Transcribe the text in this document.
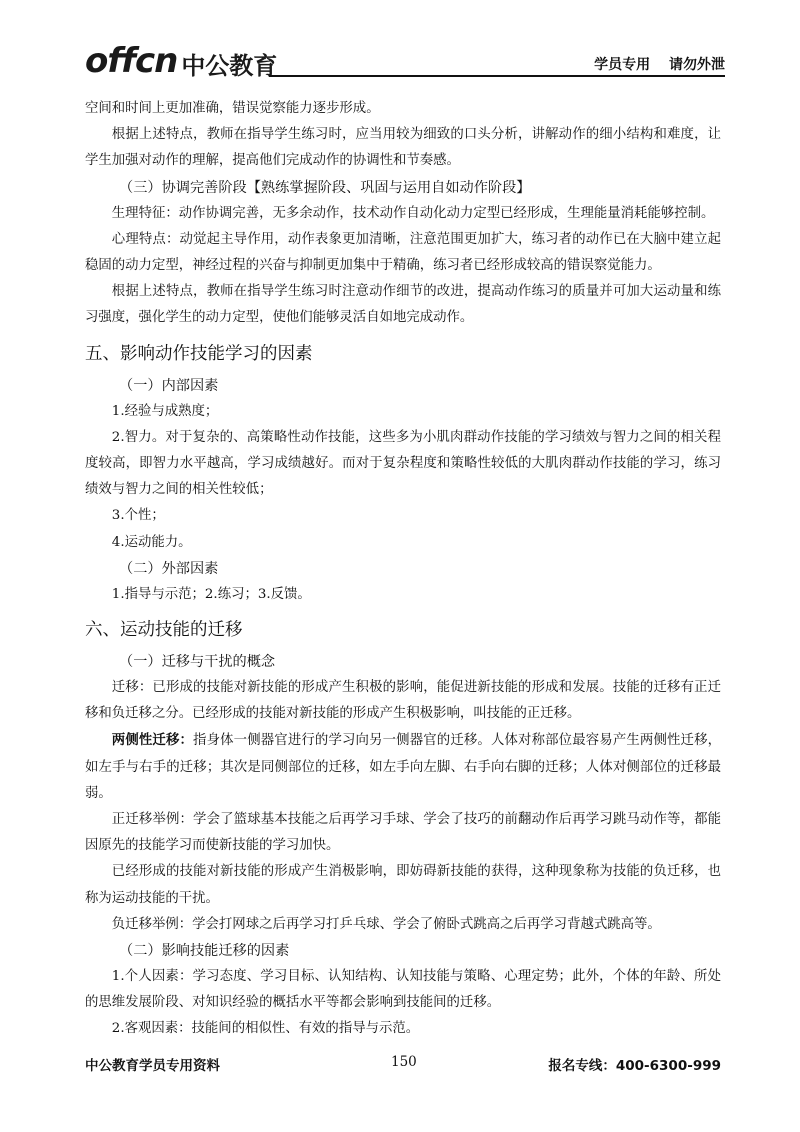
offcn 中公教育	学员专用 请勿外泄

空间和时间上更加准确，错误觉察能力逐步形成。

根据上述特点，教师在指导学生练习时，应当用较为细致的口头分析，讲解动作的细小结构和难度，让学生加强对动作的理解，提高他们完成动作的协调性和节奏感。

（三）协调完善阶段【熟练掌握阶段、巩固与运用自如动作阶段】

生理特征：动作协调完善，无多余动作，技术动作自动化动力定型已经形成，生理能量消耗能够控制。

心理特点：动觉起主导作用，动作表象更加清晰，注意范围更加扩大，练习者的动作已在大脑中建立起稳固的动力定型，神经过程的兴奋与抑制更加集中于精确，练习者已经形成较高的错误察觉能力。

根据上述特点，教师在指导学生练习时注意动作细节的改进，提高动作练习的质量并可加大运动量和练习强度，强化学生的动力定型，使他们能够灵活自如地完成动作。

五、影响动作技能学习的因素
（一）内部因素

1.经验与成熟度；

2.智力。对于复杂的、高策略性动作技能，这些多为小肌肉群动作技能的学习绩效与智力之间的相关程度较高，即智力水平越高，学习成绩越好。而对于复杂程度和策略性较低的大肌肉群动作技能的学习，练习绩效与智力之间的相关性较低；

3.个性；

4.运动能力。

（二）外部因素

1.指导与示范；2.练习；3.反馈。

六、运动技能的迁移
（一）迁移与干扰的概念

迁移：已形成的技能对新技能的形成产生积极的影响，能促进新技能的形成和发展。技能的迁移有正迁移和负迁移之分。已经形成的技能对新技能的形成产生积极影响，叫技能的正迁移。

两侧性迁移：指身体一侧器官进行的学习向另一侧器官的迁移。人体对称部位最容易产生两侧性迁移，如左手与右手的迁移；其次是同侧部位的迁移，如左手向左脚、右手向右脚的迁移；人体对侧部位的迁移最弱。

正迁移举例：学会了篮球基本技能之后再学习手球、学会了技巧的前翻动作后再学习跳马动作等，都能因原先的技能学习而使新技能的学习加快。

已经形成的技能对新技能的形成产生消极影响，即妨碍新技能的获得，这种现象称为技能的负迁移，也称为运动技能的干扰。

负迁移举例：学会打网球之后再学习打乒乓球、学会了俯卧式跳高之后再学习背越式跳高等。

（二）影响技能迁移的因素

1.个人因素：学习态度、学习目标、认知结构、认知技能与策略、心理定势；此外，个体的年龄、所处的思维发展阶段、对知识经验的概括水平等都会影响到技能间的迁移。

2.客观因素：技能间的相似性、有效的指导与示范。

中公教育学员专用资料	150	报名专线：400-6300-999
